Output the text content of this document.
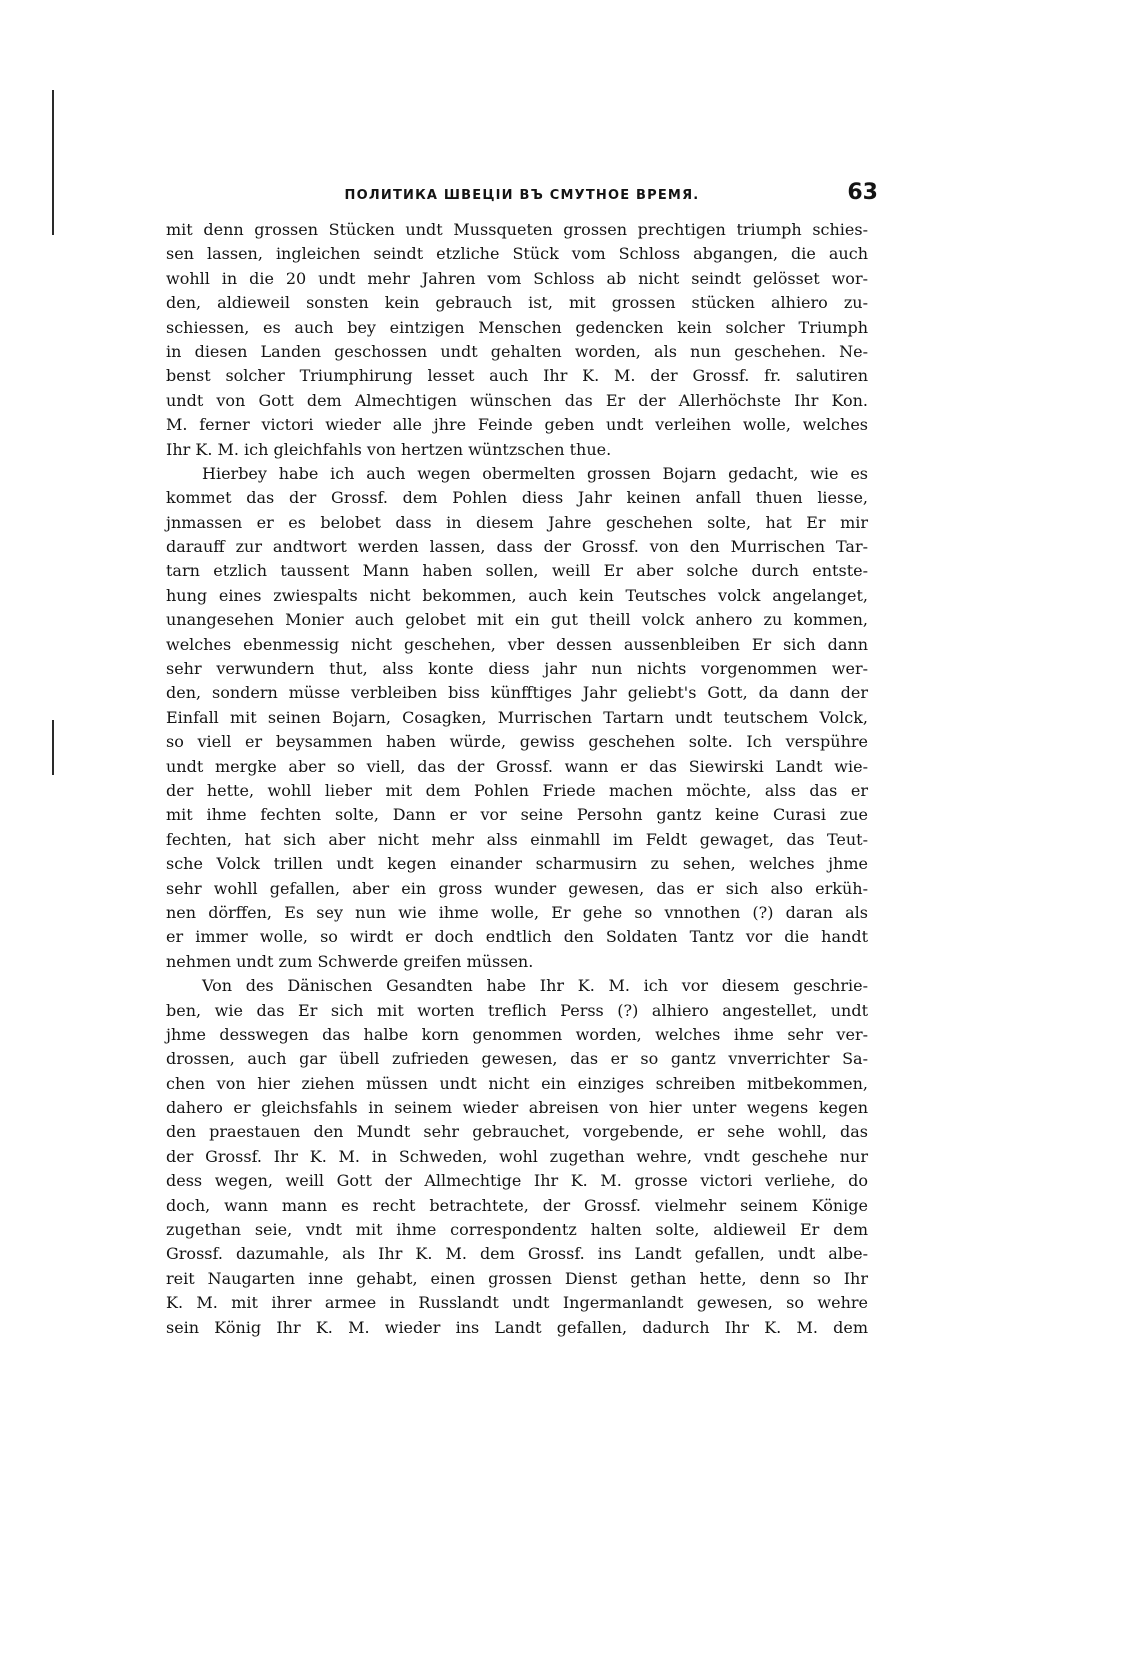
ПОЛИТИКА ШВЕЦІИ ВЪ СМУТНОЕ ВРЕМЯ.	63
mit denn grossen Stücken undt Mussqueten grossen prechtigen triumph schies-
sen lassen, ingleichen seindt etzliche Stück vom Schloss abgangen, die auch
wohll in die 20 undt mehr Jahren vom Schloss ab nicht seindt gelösset wor-
den, aldieweil sonsten kein gebrauch ist, mit grossen stücken alhiero zu-
schiessen, es auch bey eintzigen Menschen gedencken kein solcher Triumph
in diesen Landen geschossen undt gehalten worden, als nun geschehen. Ne-
benst solcher Triumphirung lesset auch Ihr K. M. der Grossf. fr. salutiren
undt von Gott dem Almechtigen wünschen das Er der Allerhöchste Ihr Kon.
M. ferner victori wieder alle jhre Feinde geben undt verleihen wolle, welches
Ihr K. M. ich gleichfahls von hertzen wüntzschen thue.
Hierbey habe ich auch wegen obermelten grossen Bojarn gedacht, wie es
kommet das der Grossf. dem Pohlen diess Jahr keinen anfall thuen liesse,
jnmassen er es belobet dass in diesem Jahre geschehen solte, hat Er mir
darauff zur andtwort werden lassen, dass der Grossf. von den Murrischen Tar-
tarn etzlich taussent Mann haben sollen, weill Er aber solche durch entste-
hung eines zwiespalts nicht bekommen, auch kein Teutsches volck angelanget,
unangesehen Monier auch gelobet mit ein gut theill volck anhero zu kommen,
welches ebenmessig nicht geschehen, vber dessen aussenbleiben Er sich dann
sehr verwundern thut, alss konte diess jahr nun nichts vorgenommen wer-
den, sondern müsse verbleiben biss künfftiges Jahr geliebt's Gott, da dann der
Einfall mit seinen Bojarn, Cosagken, Murrischen Tartarn undt teutschem Volck,
so viell er beysammen haben würde, gewiss geschehen solte. Ich verspühre
undt mergke aber so viell, das der Grossf. wann er das Siewirski Landt wie-
der hette, wohll lieber mit dem Pohlen Friede machen möchte, alss das er
mit ihme fechten solte, Dann er vor seine Persohn gantz keine Curasi zue
fechten, hat sich aber nicht mehr alss einmahll im Feldt gewaget, das Teut-
sche Volck trillen undt kegen einander scharmusirn zu sehen, welches jhme
sehr wohll gefallen, aber ein gross wunder gewesen, das er sich also erküh-
nen dörffen, Es sey nun wie ihme wolle, Er gehe so vnnothen (?) daran als
er immer wolle, so wirdt er doch endtlich den Soldaten Tantz vor die handt
nehmen undt zum Schwerde greifen müssen.
Von des Dänischen Gesandten habe Ihr K. M. ich vor diesem geschrie-
ben, wie das Er sich mit worten treflich Perss (?) alhiero angestellet, undt
jhme desswegen das halbe korn genommen worden, welches ihme sehr ver-
drossen, auch gar übell zufrieden gewesen, das er so gantz vnverrichter Sa-
chen von hier ziehen müssen undt nicht ein einziges schreiben mitbekommen,
dahero er gleichsfahls in seinem wieder abreisen von hier unter wegens kegen
den praestauen den Mundt sehr gebrauchet, vorgebende, er sehe wohll, das
der Grossf. Ihr K. M. in Schweden, wohl zugethan wehre, vndt geschehe nur
dess wegen, weill Gott der Allmechtige Ihr K. M. grosse victori verliehe, do
doch, wann mann es recht betrachtete, der Grossf. vielmehr seinem Könige
zugethan seie, vndt mit ihme correspondentz halten solte, aldieweil Er dem
Grossf. dazumahle, als Ihr K. M. dem Grossf. ins Landt gefallen, undt albe-
reit Naugarten inne gehabt, einen grossen Dienst gethan hette, denn so Ihr
K. M. mit ihrer armee in Russlandt undt Ingermanlandt gewesen, so wehre
sein König Ihr K. M. wieder ins Landt gefallen, dadurch Ihr K. M. dem
